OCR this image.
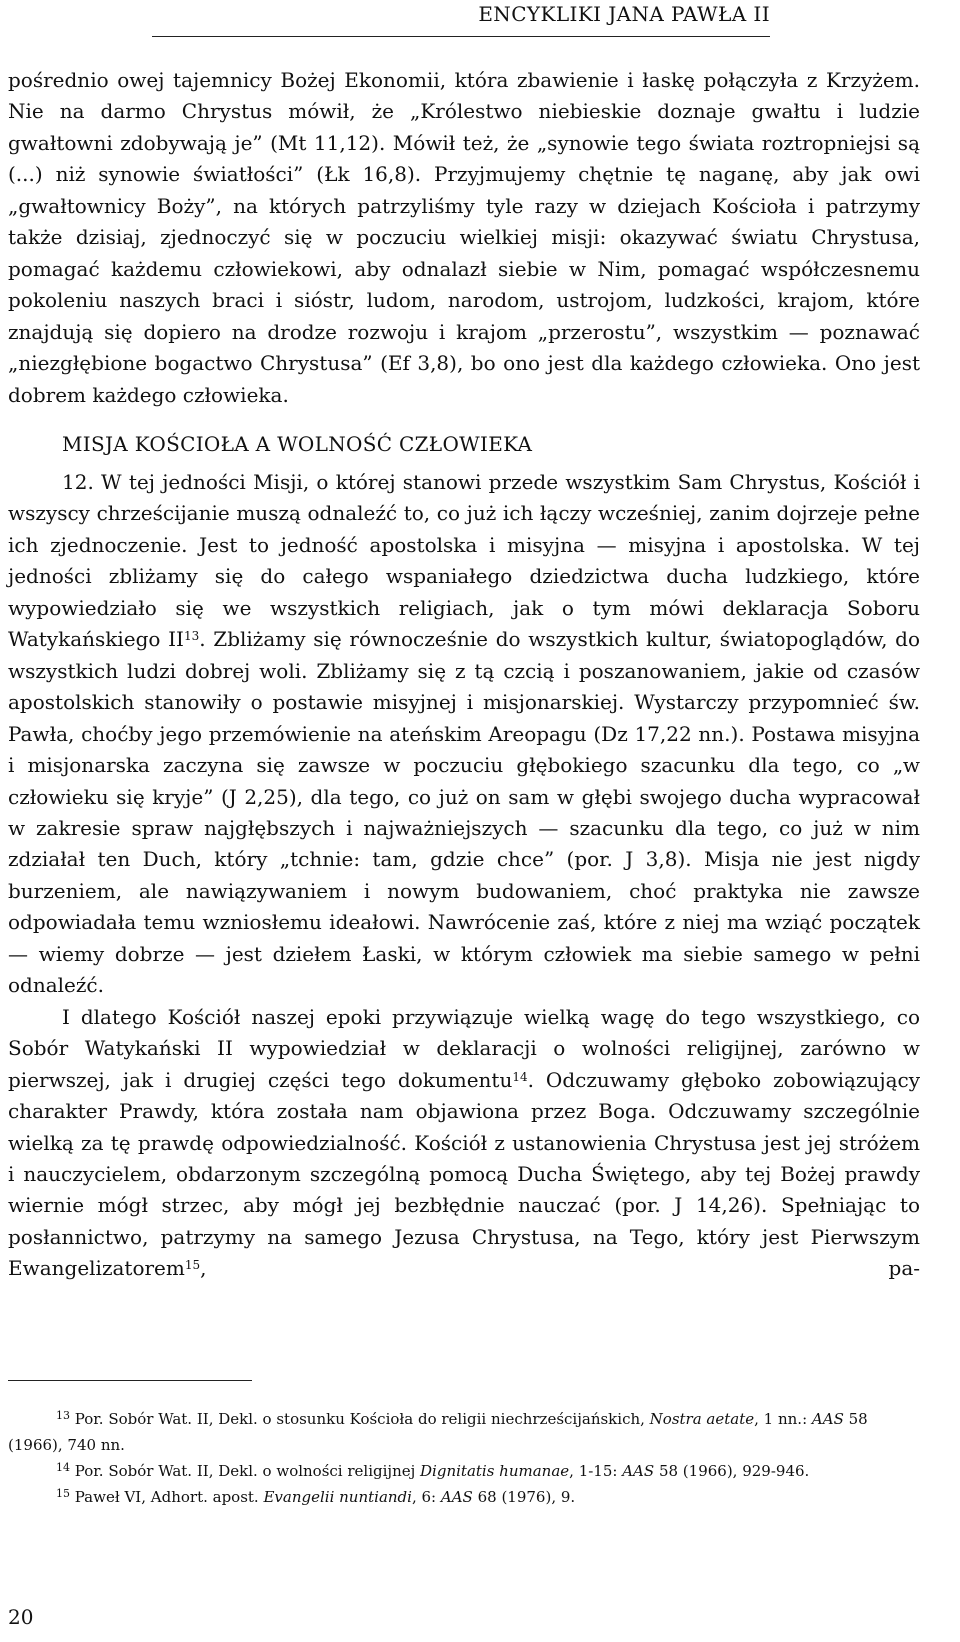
ENCYKLIKI JANA PAWŁA II

pośrednio owej tajemnicy Bożej Ekonomii, która zbawienie i łaskę połączyła z Krzyżem. Nie na darmo Chrystus mówił, że „Królestwo niebieskie doznaje gwałtu i ludzie gwałtowni zdobywają je” (Mt 11,12). Mówił też, że „synowie tego świata roztropniejsi są (...) niż synowie światłości” (Łk 16,8). Przyjmujemy chętnie tę naganę, aby jak owi „gwałtownicy Boży”, na których patrzyliśmy tyle razy w dziejach Kościoła i patrzymy także dzisiaj, zjednoczyć się w poczuciu wielkiej misji: okazywać światu Chrystusa, pomagać każdemu człowiekowi, aby odnalazł siebie w Nim, pomagać współczesnemu pokoleniu naszych braci i sióstr, ludom, narodom, ustrojom, ludzkości, krajom, które znajdują się dopiero na drodze rozwoju i krajom „przerostu”, wszystkim — poznawać „niezgłębione bogactwo Chrystusa” (Ef 3,8), bo ono jest dla każdego człowieka. Ono jest dobrem każdego człowieka.

MISJA KOŚCIOŁA A WOLNOŚĆ CZŁOWIEKA

12. W tej jedności Misji, o której stanowi przede wszystkim Sam Chrystus, Kościół i wszyscy chrześcijanie muszą odnaleźć to, co już ich łączy wcześniej, zanim dojrzeje pełne ich zjednoczenie. Jest to jedność apostolska i misyjna — misyjna i apostolska. W tej jedności zbliżamy się do całego wspaniałego dziedzictwa ducha ludzkiego, które wypowiedziało się we wszystkich religiach, jak o tym mówi deklaracja Soboru Watykańskiego II$^{13}$. Zbliżamy się równocześnie do wszystkich kultur, światopoglądów, do wszystkich ludzi dobrej woli. Zbliżamy się z tą czcią i poszanowaniem, jakie od czasów apostolskich stanowiły o postawie misyjnej i misjonarskiej. Wystarczy przypomnieć św. Pawła, choćby jego przemówienie na ateńskim Areopagu (Dz 17,22 nn.). Postawa misyjna i misjonarska zaczyna się zawsze w poczuciu głębokiego szacunku dla tego, co „w człowieku się kryje” (J 2,25), dla tego, co już on sam w głębi swojego ducha wypracował w zakresie spraw najgłębszych i najważniejszych — szacunku dla tego, co już w nim zdziałał ten Duch, który „tchnie: tam, gdzie chce” (por. J 3,8). Misja nie jest nigdy burzeniem, ale nawiązywaniem i nowym budowaniem, choć praktyka nie zawsze odpowiadała temu wzniosłemu ideałowi. Nawrócenie zaś, które z niej ma wziąć początek — wiemy dobrze — jest dziełem Łaski, w którym człowiek ma siebie samego w pełni odnaleźć.

I dlatego Kościół naszej epoki przywiązuje wielką wagę do tego wszystkiego, co Sobór Watykański II wypowiedział w deklaracji o wolności religijnej, zarówno w pierwszej, jak i drugiej części tego dokumentu$^{14}$. Odczuwamy głęboko zobowiązujący charakter Prawdy, która została nam objawiona przez Boga. Odczuwamy szczególnie wielką za tę prawdę odpowiedzialność. Kościół z ustanowienia Chrystusa jest jej stróżem i nauczycielem, obdarzonym szczególną pomocą Ducha Świętego, aby tej Bożej prawdy wiernie mógł strzec, aby mógł jej bezbłędnie nauczać (por. J 14,26). Spełniając to posłannictwo, patrzymy na samego Jezusa Chrystusa, na Tego, który jest Pierwszym Ewangelizatorem$^{15}$, pa-

$^{13}$ Por. Sobór Wat. II, Dekl. o stosunku Kościoła do religii niechrześcijańskich, Nostra aetate, 1 nn.: AAS 58 (1966), 740 nn.

$^{14}$ Por. Sobór Wat. II, Dekl. o wolności religijnej Dignitatis humanae, 1-15: AAS 58 (1966), 929-946.

$^{15}$ Paweł VI, Adhort. apost. Evangelii nuntiandi, 6: AAS 68 (1976), 9.

20
